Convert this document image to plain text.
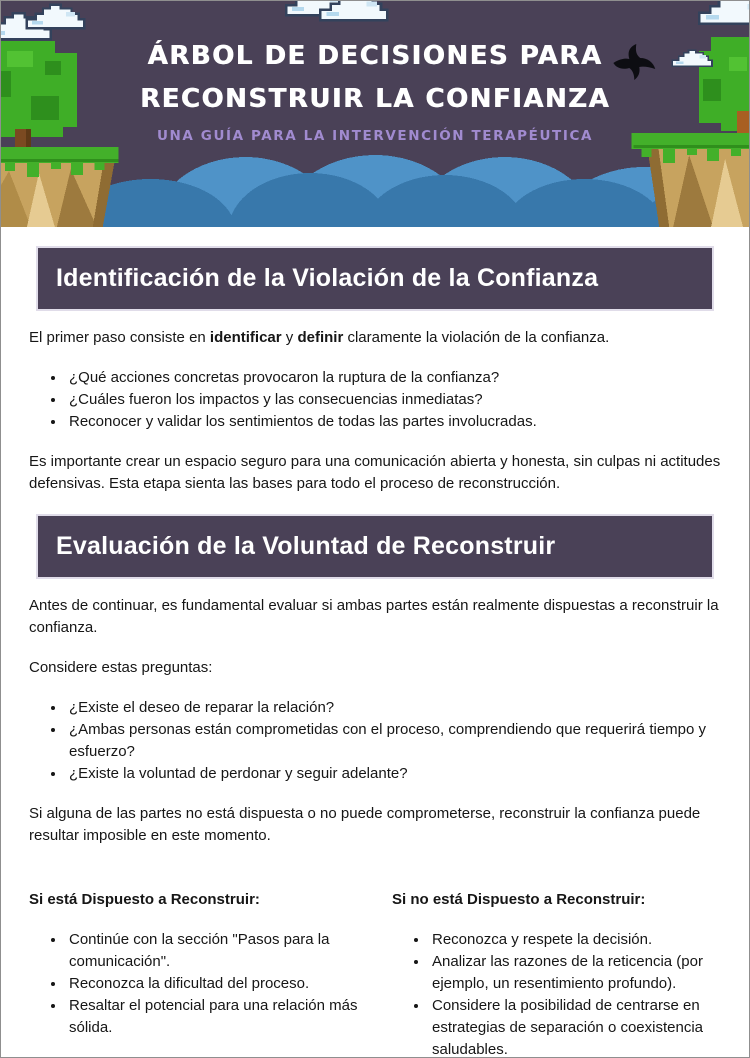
ÁRBOL DE DECISIONES PARA
RECONSTRUIR LA CONFIANZA
UNA GUÍA PARA LA INTERVENCIÓN TERAPÉUTICA
Identificación de la Violación de la Confianza

El primer paso consiste en identificar y definir claramente la violación de la confianza.

• ¿Qué acciones concretas provocaron la ruptura de la confianza?
• ¿Cuáles fueron los impactos y las consecuencias inmediatas?
• Reconocer y validar los sentimientos de todas las partes involucradas.

Es importante crear un espacio seguro para una comunicación abierta y honesta, sin culpas ni actitudes defensivas. Esta etapa sienta las bases para todo el proceso de reconstrucción.

Evaluación de la Voluntad de Reconstruir

Antes de continuar, es fundamental evaluar si ambas partes están realmente dispuestas a reconstruir la confianza.

Considere estas preguntas:

• ¿Existe el deseo de reparar la relación?
• ¿Ambas personas están comprometidas con el proceso, comprendiendo que requerirá tiempo y esfuerzo?
• ¿Existe la voluntad de perdonar y seguir adelante?

Si alguna de las partes no está dispuesta o no puede comprometerse, reconstruir la confianza puede resultar imposible en este momento.

Si está Dispuesto a Reconstruir:

• Continúe con la sección "Pasos para la comunicación".
• Reconozca la dificultad del proceso.
• Resaltar el potencial para una relación más sólida.

Si no está Dispuesto a Reconstruir:

• Reconozca y respete la decisión.
• Analizar las razones de la reticencia (por ejemplo, un resentimiento profundo).
• Considere la posibilidad de centrarse en estrategias de separación o coexistencia saludables.
